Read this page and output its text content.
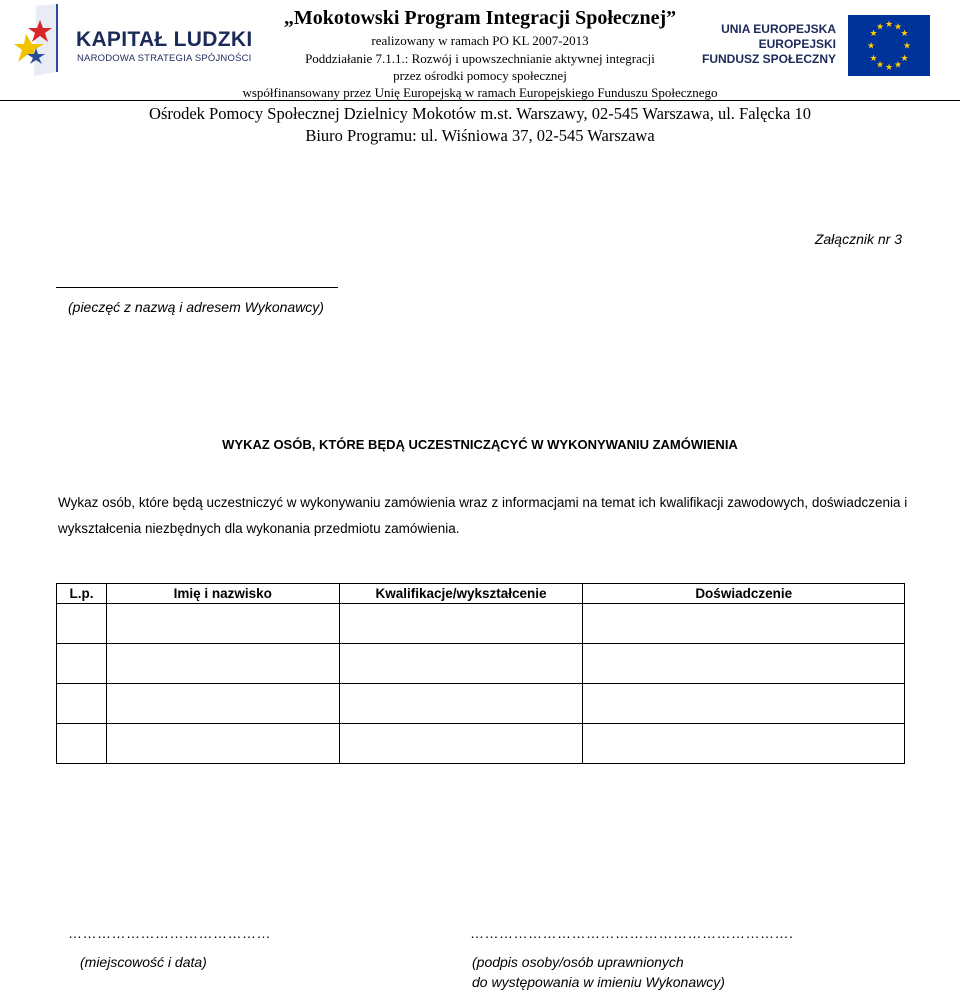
KAPITAŁ LUDZKI
NARODOWA STRATEGIA SPÓJNOŚCI
UNIA EUROPEJSKA
EUROPEJSKI
FUNDUSZ SPOŁECZNY
★ ★
★
★
★
★
★
★
★
★
★
★
„Mokotowski Program Integracji Społecznej”
realizowany w ramach PO KL 2007-2013
Poddziałanie 7.1.1.: Rozwój i upowszechnianie aktywnej integracji
przez ośrodki pomocy społecznej
współfinansowany przez Unię Europejską w ramach Europejskiego Funduszu Społecznego
Ośrodek Pomocy Społecznej Dzielnicy Mokotów m.st. Warszawy, 02-545 Warszawa, ul. Falęcka 10
Biuro Programu: ul. Wiśniowa 37, 02-545 Warszawa
Załącznik nr 3
(pieczęć z nazwą i adresem Wykonawcy)
WYKAZ OSÓB, KTÓRE BĘDĄ UCZESTNICZĄCYĆ W WYKONYWANIU ZAMÓWIENIA
Wykaz osób, które będą uczestniczyć w wykonywaniu zamówienia wraz z informacjami na temat ich kwalifikacji zawodowych, doświadczenia i wykształcenia niezbędnych dla wykonania przedmiotu zamówienia.
L.p.	Imię i nazwisko	Kwalifikacje/wykształcenie	Doświadczenie

……………………………………	………………………………………………………….
(miejscowość i data)	(podpis osoby/osób uprawnionych
do występowania w imieniu Wykonawcy)
